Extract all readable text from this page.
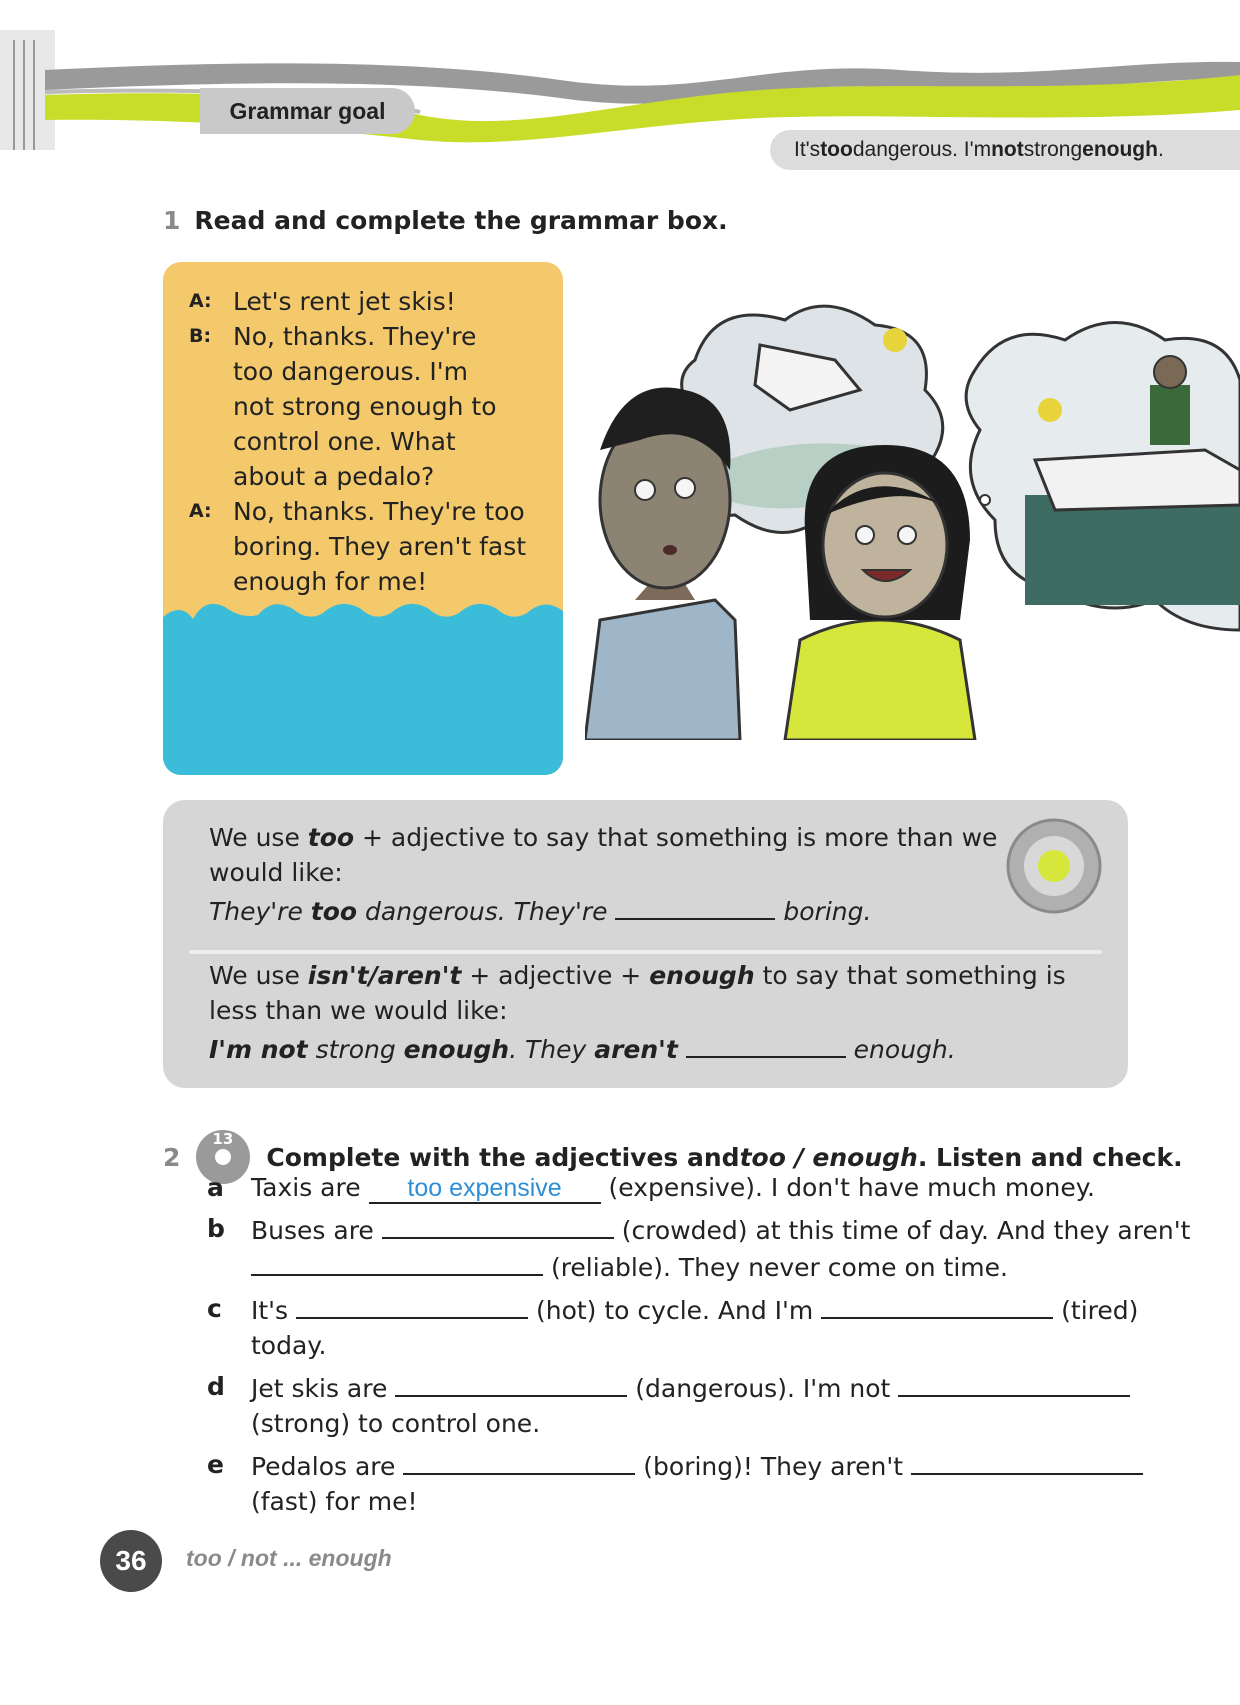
Grammar goal
It's too dangerous. I'm not strong enough .
1 Read and complete the grammar box.
A: Let's rent jet skis!
B: No, thanks. They're too dangerous. I'm not strong enough to control one. What about a pedalo?
A: No, thanks. They're too boring. They aren't fast enough for me!
We use too + adjective to say that something is more than we would like:
They're too dangerous. They're	boring.
We use isn't/aren't + adjective + enough to say that something is less than we would like:
I'm not strong enough. They aren't	enough.
2
13
Complete with the adjectives and too / enough . Listen and check.
a	Taxis are too expensive (expensive). I don't have much money.
b	Buses are	(crowded) at this time of day. And they aren't  (reliable). They never come on time.
c	It's	(hot) to cycle. And I'm	(tired) today.
d	Jet skis are	(dangerous). I'm not  (strong) to control one.
e	Pedalos are	(boring)! They aren't  (fast) for me!
36	too / not ... enough
